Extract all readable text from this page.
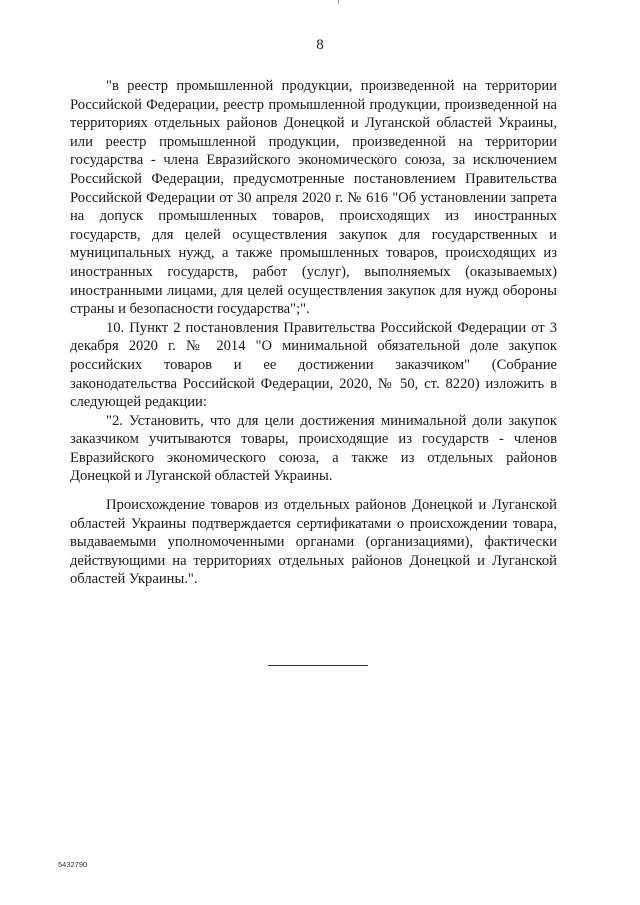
8

"в реестр промышленной продукции, произведенной на территории Российской Федерации, реестр промышленной продукции, произведенной на территориях отдельных районов Донецкой и Луганской областей Украины, или реестр промышленной продукции, произведенной на территории государства - члена Евразийского экономического союза, за исключением Российской Федерации, предусмотренные постановлением Правительства Российской Федерации от 30 апреля 2020 г. № 616 "Об установлении запрета на допуск промышленных товаров, происходящих из иностранных государств, для целей осуществления закупок для государственных и муниципальных нужд, а также промышленных товаров, происходящих из иностранных государств, работ (услуг), выполняемых (оказываемых) иностранными лицами, для целей осуществления закупок для нужд обороны страны и безопасности государства";".

10. Пункт 2 постановления Правительства Российской Федерации от 3 декабря 2020 г. № 2014 "О минимальной обязательной доле закупок российских товаров и ее достижении заказчиком" (Собрание законодательства Российской Федерации, 2020, № 50, ст. 8220) изложить в следующей редакции:

"2. Установить, что для цели достижения минимальной доли закупок заказчиком учитываются товары, происходящие из государств - членов Евразийского экономического союза, а также из отдельных районов Донецкой и Луганской областей Украины.

Происхождение товаров из отдельных районов Донецкой и Луганской областей Украины подтверждается сертификатами о происхождении товара, выдаваемыми уполномоченными органами (организациями), фактически действующими на территориях отдельных районов Донецкой и Луганской областей Украины.".

5432790
